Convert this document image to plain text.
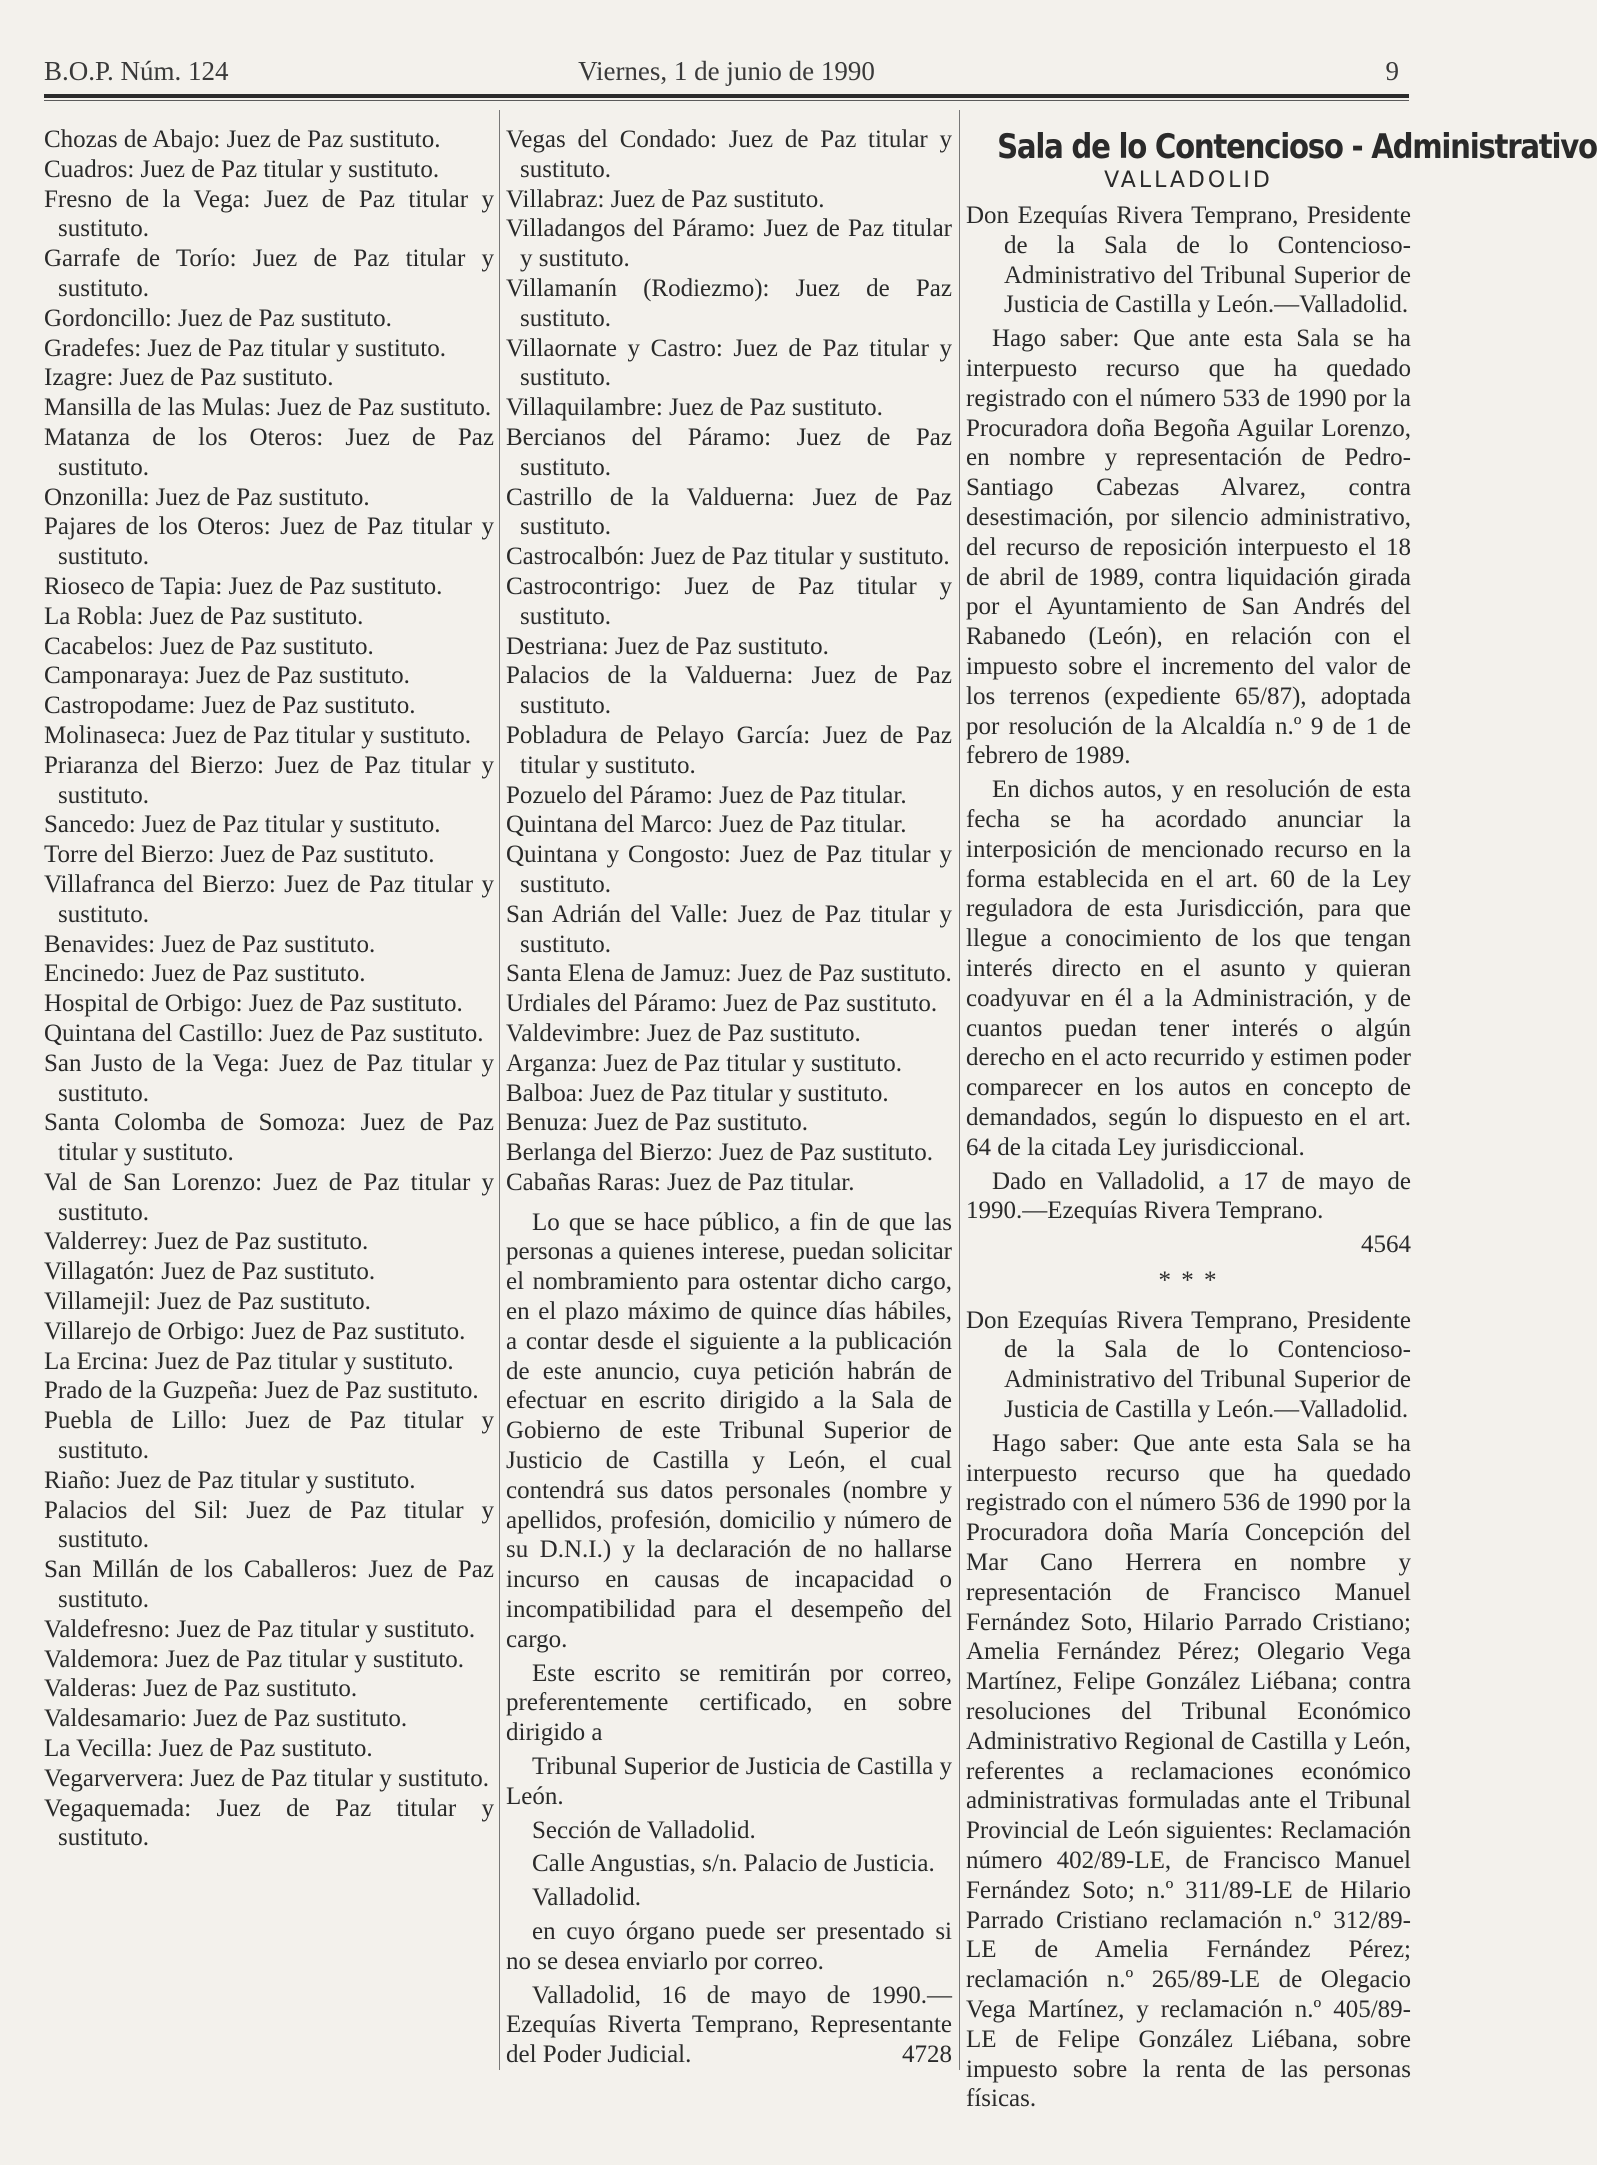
B.O.P. Núm. 124	Viernes, 1 de junio de 1990	9

Chozas de Abajo: Juez de Paz sustituto.

Cuadros: Juez de Paz titular y sustituto.

Fresno de la Vega: Juez de Paz titular y sustituto.

Garrafe de Torío: Juez de Paz titular y sustituto.

Gordoncillo: Juez de Paz sustituto.

Gradefes: Juez de Paz titular y sustituto.

Izagre: Juez de Paz sustituto.

Mansilla de las Mulas: Juez de Paz sustituto.

Matanza de los Oteros: Juez de Paz sustituto.

Onzonilla: Juez de Paz sustituto.

Pajares de los Oteros: Juez de Paz titular y sustituto.

Rioseco de Tapia: Juez de Paz sustituto.

La Robla: Juez de Paz sustituto.

Cacabelos: Juez de Paz sustituto.

Camponaraya: Juez de Paz sustituto.

Castropodame: Juez de Paz sustituto.

Molinaseca: Juez de Paz titular y sustituto.

Priaranza del Bierzo: Juez de Paz titular y sustituto.

Sancedo: Juez de Paz titular y sustituto.

Torre del Bierzo: Juez de Paz sustituto.

Villafranca del Bierzo: Juez de Paz titular y sustituto.

Benavides: Juez de Paz sustituto.

Encinedo: Juez de Paz sustituto.

Hospital de Orbigo: Juez de Paz sustituto.

Quintana del Castillo: Juez de Paz sustituto.

San Justo de la Vega: Juez de Paz titular y sustituto.

Santa Colomba de Somoza: Juez de Paz titular y sustituto.

Val de San Lorenzo: Juez de Paz titular y sustituto.

Valderrey: Juez de Paz sustituto.

Villagatón: Juez de Paz sustituto.

Villamejil: Juez de Paz sustituto.

Villarejo de Orbigo: Juez de Paz sustituto.

La Ercina: Juez de Paz titular y sustituto.

Prado de la Guzpeña: Juez de Paz sustituto.

Puebla de Lillo: Juez de Paz titular y sustituto.

Riaño: Juez de Paz titular y sustituto.

Palacios del Sil: Juez de Paz titular y sustituto.

San Millán de los Caballeros: Juez de Paz sustituto.

Valdefresno: Juez de Paz titular y sustituto.

Valdemora: Juez de Paz titular y sustituto.

Valderas: Juez de Paz sustituto.

Valdesamario: Juez de Paz sustituto.

La Vecilla: Juez de Paz sustituto.

Vegarververa: Juez de Paz titular y sustituto.

Vegaquemada: Juez de Paz titular y sustituto.

Vegas del Condado: Juez de Paz titular y sustituto.

Villabraz: Juez de Paz sustituto.

Villadangos del Páramo: Juez de Paz titular y sustituto.

Villamanín (Rodiezmo): Juez de Paz sustituto.

Villaornate y Castro: Juez de Paz titular y sustituto.

Villaquilambre: Juez de Paz sustituto.

Bercianos del Páramo: Juez de Paz sustituto.

Castrillo de la Valduerna: Juez de Paz sustituto.

Castrocalbón: Juez de Paz titular y sustituto.

Castrocontrigo: Juez de Paz titular y sustituto.

Destriana: Juez de Paz sustituto.

Palacios de la Valduerna: Juez de Paz sustituto.

Pobladura de Pelayo García: Juez de Paz titular y sustituto.

Pozuelo del Páramo: Juez de Paz titular.

Quintana del Marco: Juez de Paz titular.

Quintana y Congosto: Juez de Paz titular y sustituto.

San Adrián del Valle: Juez de Paz titular y sustituto.

Santa Elena de Jamuz: Juez de Paz sustituto.

Urdiales del Páramo: Juez de Paz sustituto.

Valdevimbre: Juez de Paz sustituto.

Arganza: Juez de Paz titular y sustituto.

Balboa: Juez de Paz titular y sustituto.

Benuza: Juez de Paz sustituto.

Berlanga del Bierzo: Juez de Paz sustituto.

Cabañas Raras: Juez de Paz titular.

Lo que se hace público, a fin de que las personas a quienes interese, puedan solicitar el nombramiento para ostentar dicho cargo, en el plazo máximo de quince días hábiles, a contar desde el siguiente a la publicación de este anuncio, cuya petición habrán de efectuar en escrito dirigido a la Sala de Gobierno de este Tribunal Superior de Justicio de Castilla y León, el cual contendrá sus datos personales (nombre y apellidos, profesión, domicilio y número de su D.N.I.) y la declaración de no hallarse incurso en causas de incapacidad o incompatibilidad para el desempeño del cargo.

Este escrito se remitirán por correo, preferentemente certificado, en sobre dirigido a

Tribunal Superior de Justicia de Castilla y León.

Sección de Valladolid.

Calle Angustias, s/n. Palacio de Justicia.

Valladolid.

en cuyo órgano puede ser presentado si no se desea enviarlo por correo.

Valladolid, 16 de mayo de 1990.—Ezequías Riverta Temprano, Representante del Poder Judicial.	4728

Sala de lo Contencioso - Administrativo
VALLADOLID

Don Ezequías Rivera Temprano, Presidente de la Sala de lo Contencioso-Administrativo del Tribunal Superior de Justicia de Castilla y León.—Valladolid.

Hago saber: Que ante esta Sala se ha interpuesto recurso que ha quedado registrado con el número 533 de 1990 por la Procuradora doña Begoña Aguilar Lorenzo, en nombre y representación de Pedro-Santiago Cabezas Alvarez, contra desestimación, por silencio administrativo, del recurso de reposición interpuesto el 18 de abril de 1989, contra liquidación girada por el Ayuntamiento de San Andrés del Rabanedo (León), en relación con el impuesto sobre el incremento del valor de los terrenos (expediente 65/87), adoptada por resolución de la Alcaldía n.º 9 de 1 de febrero de 1989.

En dichos autos, y en resolución de esta fecha se ha acordado anunciar la interposición de mencionado recurso en la forma establecida en el art. 60 de la Ley reguladora de esta Jurisdicción, para que llegue a conocimiento de los que tengan interés directo en el asunto y quieran coadyuvar en él a la Administración, y de cuantos puedan tener interés o algún derecho en el acto recurrido y estimen poder comparecer en los autos en concepto de demandados, según lo dispuesto en el art. 64 de la citada Ley jurisdiccional.

Dado en Valladolid, a 17 de mayo de 1990.—Ezequías Rivera Temprano.

4564

* * *

Don Ezequías Rivera Temprano, Presidente de la Sala de lo Contencioso-Administrativo del Tribunal Superior de Justicia de Castilla y León.—Valladolid.

Hago saber: Que ante esta Sala se ha interpuesto recurso que ha quedado registrado con el número 536 de 1990 por la Procuradora doña María Concepción del Mar Cano Herrera en nombre y representación de Francisco Manuel Fernández Soto, Hilario Parrado Cristiano; Amelia Fernández Pérez; Olegario Vega Martínez, Felipe González Liébana; contra resoluciones del Tribunal Económico Administrativo Regional de Castilla y León, referentes a reclamaciones económico administrativas formuladas ante el Tribunal Provincial de León siguientes: Reclamación número 402/89-LE, de Francisco Manuel Fernández Soto; n.º 311/89-LE de Hilario Parrado Cristiano reclamación n.º 312/89-LE de Amelia Fernández Pérez; reclamación n.º 265/89-LE de Olegacio Vega Martínez, y reclamación n.º 405/89-LE de Felipe González Liébana, sobre impuesto sobre la renta de las personas físicas.
